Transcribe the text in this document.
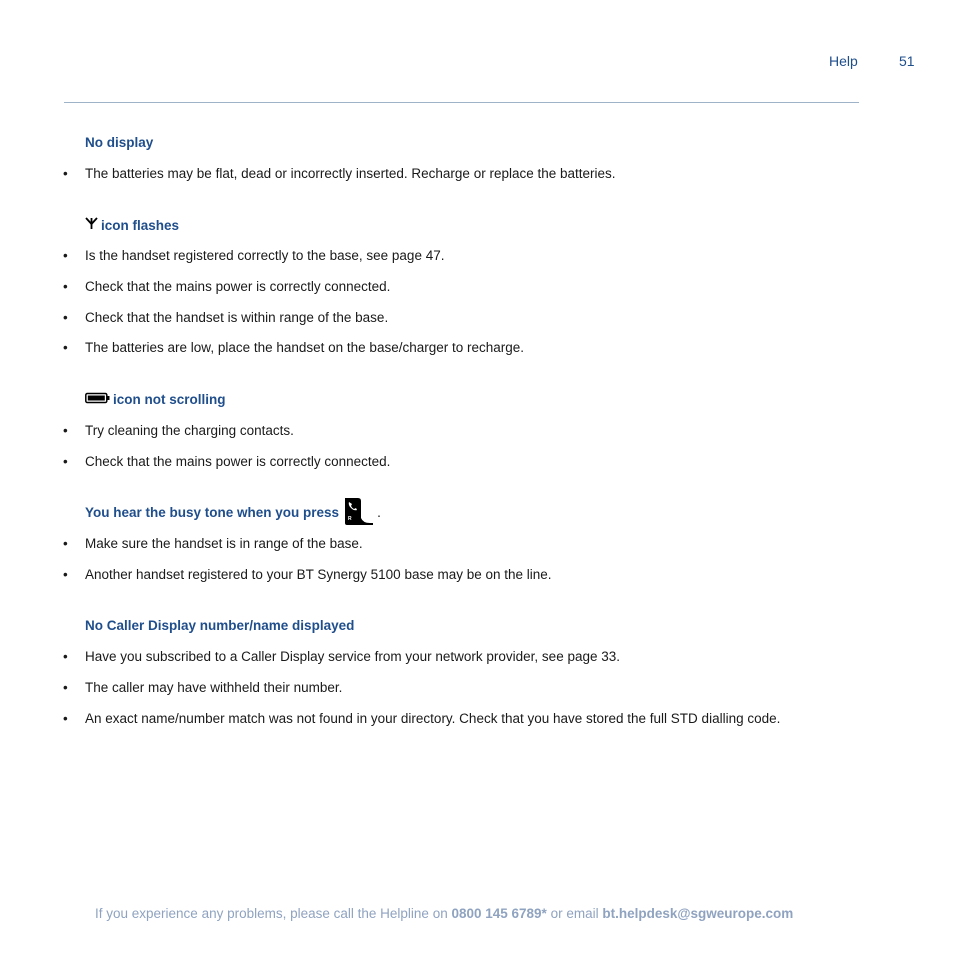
Help	51
No display
• The batteries may be flat, dead or incorrectly inserted. Recharge or replace the batteries.
icon flashes
• Is the handset registered correctly to the base, see page 47.
• Check that the mains power is correctly connected.
• Check that the handset is within range of the base.
• The batteries are low, place the handset on the base/charger to recharge.
icon not scrolling
• Try cleaning the charging contacts.
• Check that the mains power is correctly connected.
You hear the busy tone when you press R .
• Make sure the handset is in range of the base.
• Another handset registered to your BT Synergy 5100 base may be on the line.
No Caller Display number/name displayed
• Have you subscribed to a Caller Display service from your network provider, see page 33.
• The caller may have withheld their number.
• An exact name/number match was not found in your directory. Check that you have stored the full STD dialling code.
If you experience any problems, please call the Helpline on 0800 145 6789* or email bt.helpdesk@sgweurope.com
